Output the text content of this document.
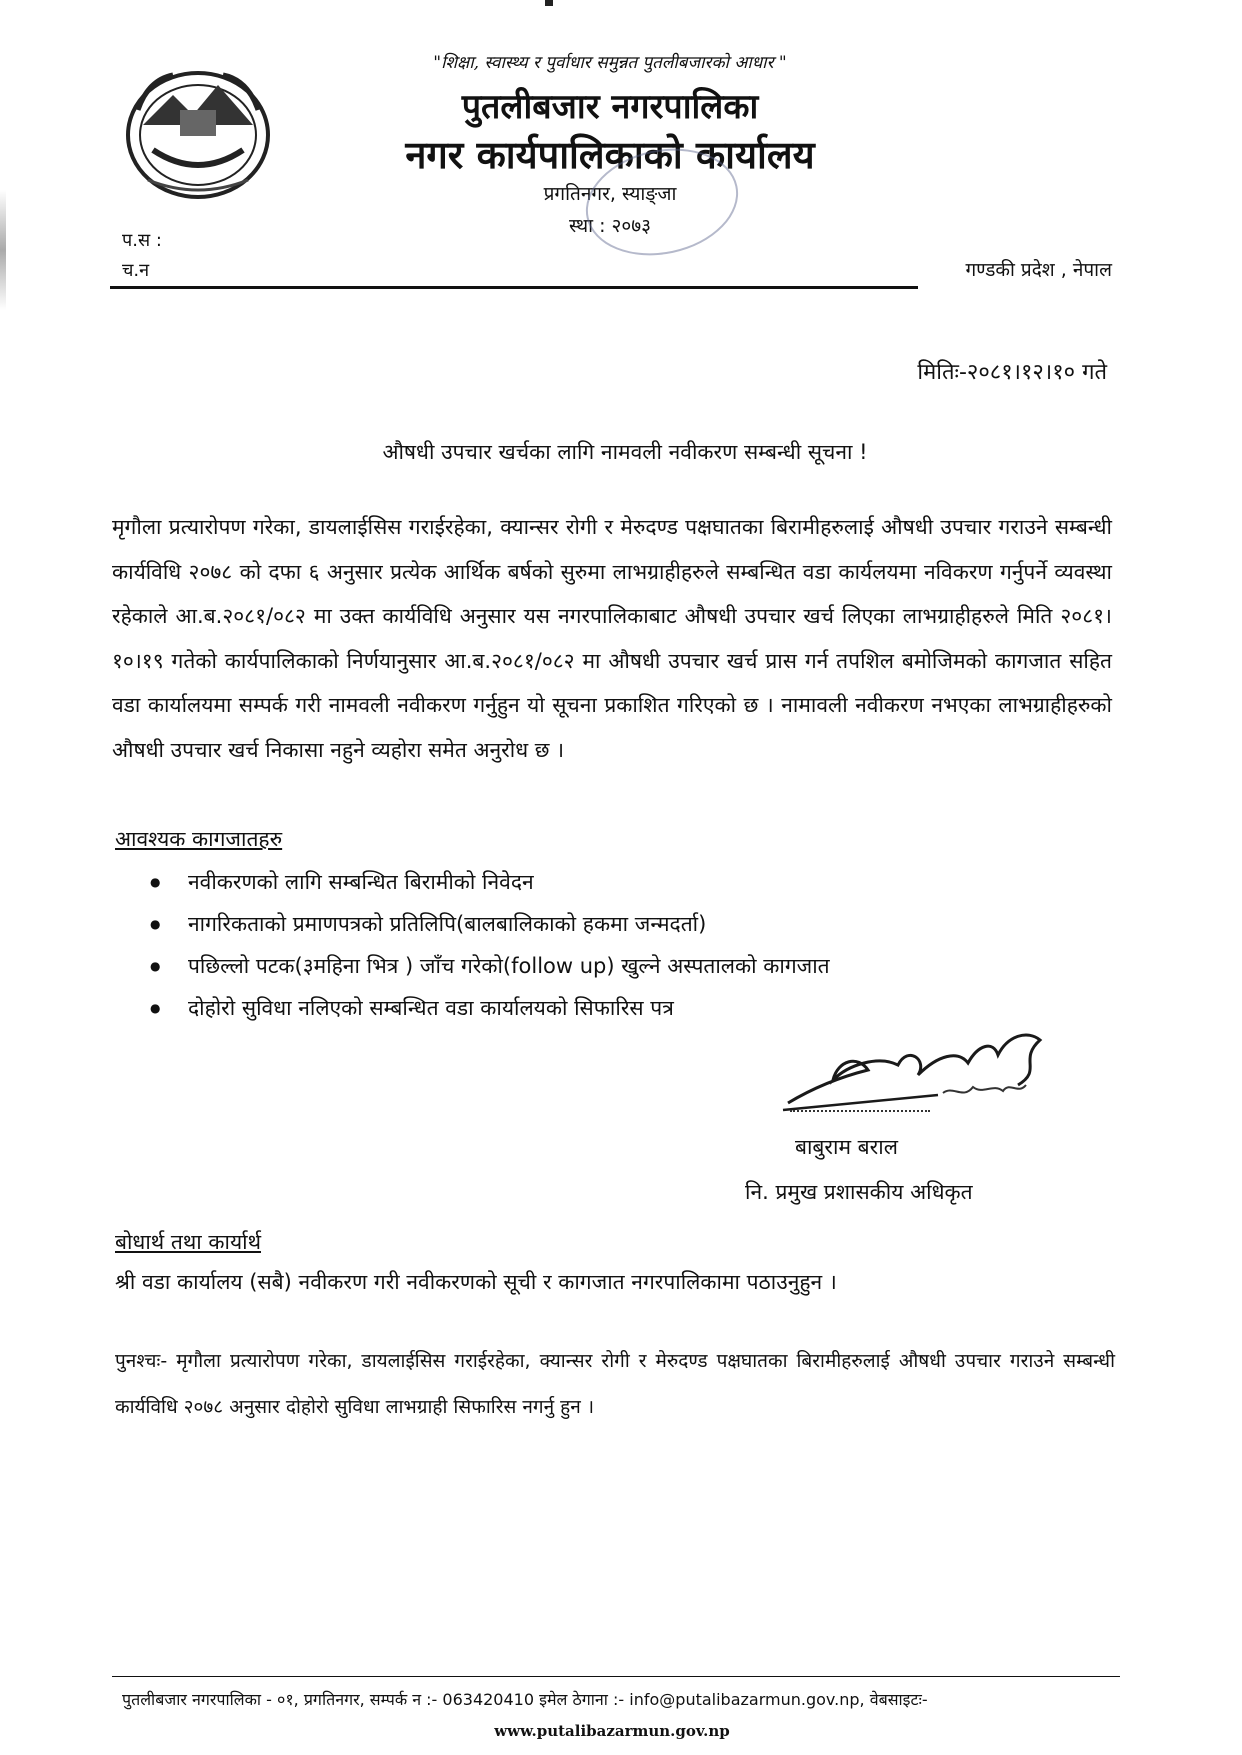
"शिक्षा, स्वास्थ्य र पुर्वाधार समुन्नत पुतलीबजारको आधार "
पुतलीबजार नगरपालिका
नगर कार्यपालिकाको कार्यालय
प्रगतिनगर, स्याङ्जा
स्था : २०७३
प.स :
च.न	गण्डकी प्रदेश , नेपाल
मितिः-२०८१।१२।१० गते
औषधी उपचार खर्चका लागि नामवली नवीकरण सम्बन्धी सूचना !

मृगौला प्रत्यारोपण गरेका, डायलाईसिस गराईरहेका, क्यान्सर रोगी र मेरुदण्ड पक्षघातका बिरामीहरुलाई औषधी उपचार गराउने सम्बन्धी कार्यविधि २०७८ को दफा ६ अनुसार प्रत्येक आर्थिक बर्षको सुरुमा लाभग्राहीहरुले सम्बन्धित वडा कार्यलयमा नविकरण गर्नुपर्ने व्यवस्था रहेकाले आ.ब.२०८१/०८२ मा उक्त कार्यविधि अनुसार यस नगरपालिकाबाट औषधी उपचार खर्च लिएका लाभग्राहीहरुले मिति २०८१।१०।१९ गतेको कार्यपालिकाको निर्णयानुसार आ.ब.२०८१/०८२ मा औषधी उपचार खर्च प्रास गर्न तपशिल बमोजिमको कागजात सहित वडा कार्यालयमा सम्पर्क गरी नामवली नवीकरण गर्नुहुन यो सूचना प्रकाशित गरिएको छ । नामावली नवीकरण नभएका लाभग्राहीहरुको औषधी उपचार खर्च निकासा नहुने व्यहोरा समेत अनुरोध छ ।

आवश्यक कागजातहरु
● नवीकरणको लागि सम्बन्धित बिरामीको निवेदन
● नागरिकताको प्रमाणपत्रको प्रतिलिपि(बालबालिकाको हकमा जन्मदर्ता)
● पछिल्लो पटक(३महिना भित्र ) जाँच गरेको(follow up) खुल्ने अस्पतालको कागजात
● दोहोरो सुविधा नलिएको सम्बन्धित वडा कार्यालयको सिफारिस पत्र
बाबुराम बराल
नि. प्रमुख प्रशासकीय अधिकृत
बोधार्थ तथा कार्यार्थ
श्री वडा कार्यालय (सबै) नवीकरण गरी नवीकरणको सूची र कागजात नगरपालिकामा पठाउनुहुन ।

पुनश्चः- मृगौला प्रत्यारोपण गरेका, डायलाईसिस गराईरहेका, क्यान्सर रोगी र मेरुदण्ड पक्षघातका बिरामीहरुलाई औषधी उपचार गराउने सम्बन्धी कार्यविधि २०७८ अनुसार दोहोरो सुविधा लाभग्राही सिफारिस नगर्नु हुन ।

पुतलीबजार नगरपालिका - ०१, प्रगतिनगर, सम्पर्क न :- 063420410 इमेल ठेगाना :- info@putalibazarmun.gov.np, वेबसाइटः-
www.putalibazarmun.gov.np
